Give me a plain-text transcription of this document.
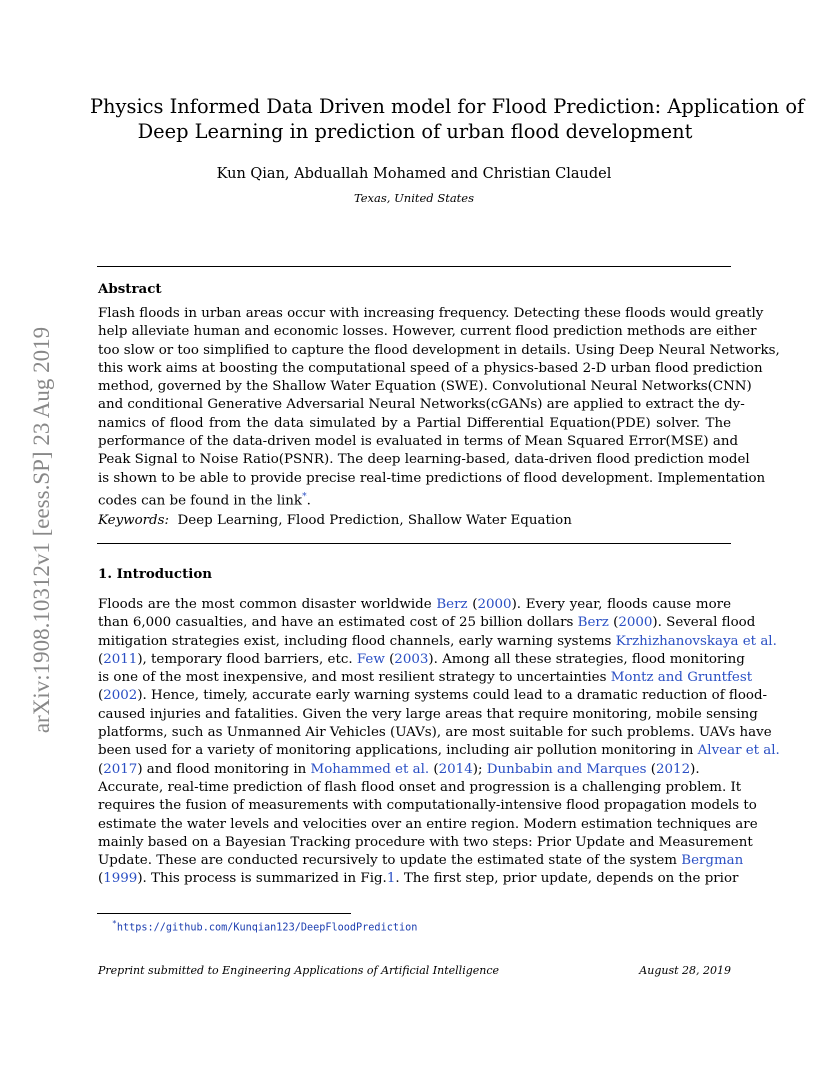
arXiv:1908.10312v1 [eess.SP] 23 Aug 2019
Physics Informed Data Driven model for Flood Prediction: Application of
Deep Learning in prediction of urban flood development
Kun Qian, Abduallah Mohamed and Christian Claudel
Texas, United States
Abstract
Flash floods in urban areas occur with increasing frequency. Detecting these floods would greatly
help alleviate human and economic losses. However, current flood prediction methods are either
too slow or too simplified to capture the flood development in details. Using Deep Neural Networks,
this work aims at boosting the computational speed of a physics-based 2-D urban flood prediction
method, governed by the Shallow Water Equation (SWE). Convolutional Neural Networks(CNN)
and conditional Generative Adversarial Neural Networks(cGANs) are applied to extract the dy-
namics of flood from the data simulated by a Partial Differential Equation(PDE) solver. The
performance of the data-driven model is evaluated in terms of Mean Squared Error(MSE) and
Peak Signal to Noise Ratio(PSNR). The deep learning-based, data-driven flood prediction model
is shown to be able to provide precise real-time predictions of flood development. Implementation
codes can be found in the link*.
Keywords: Deep Learning, Flood Prediction, Shallow Water Equation
1. Introduction
Floods are the most common disaster worldwide Berz (2000). Every year, floods cause more
than 6,000 casualties, and have an estimated cost of 25 billion dollars Berz (2000). Several flood
mitigation strategies exist, including flood channels, early warning systems Krzhizhanovskaya et al.
(2011), temporary flood barriers, etc. Few (2003). Among all these strategies, flood monitoring
is one of the most inexpensive, and most resilient strategy to uncertainties Montz and Gruntfest
(2002). Hence, timely, accurate early warning systems could lead to a dramatic reduction of flood-
caused injuries and fatalities. Given the very large areas that require monitoring, mobile sensing
platforms, such as Unmanned Air Vehicles (UAVs), are most suitable for such problems. UAVs have
been used for a variety of monitoring applications, including air pollution monitoring in Alvear et al.
(2017) and flood monitoring in Mohammed et al. (2014); Dunbabin and Marques (2012).
Accurate, real-time prediction of flash flood onset and progression is a challenging problem. It
requires the fusion of measurements with computationally-intensive flood propagation models to
estimate the water levels and velocities over an entire region. Modern estimation techniques are
mainly based on a Bayesian Tracking procedure with two steps: Prior Update and Measurement
Update. These are conducted recursively to update the estimated state of the system Bergman
(1999). This process is summarized in Fig.1. The first step, prior update, depends on the prior
*https://github.com/Kunqian123/DeepFloodPrediction
Preprint submitted to Engineering Applications of Artificial Intelligence	August 28, 2019
